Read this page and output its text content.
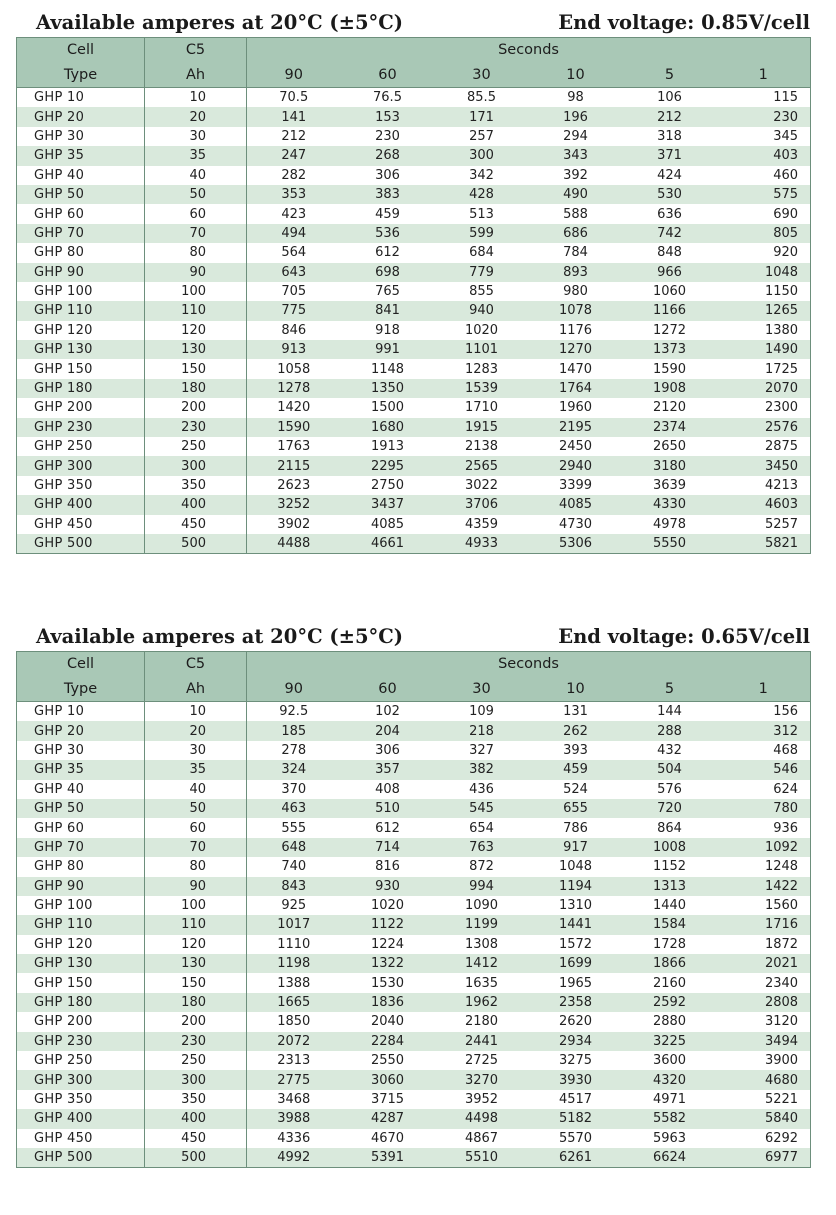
Available amperes at 20°C (±5°C)	End voltage: 0.85V/cell
Cell	C5	Seconds					
Type	Ah	90	60	30	10	5	1
GHP 10	10	70.5	76.5	85.5	98	106	115
GHP 20	20	141	153	171	196	212	230
GHP 30	30	212	230	257	294	318	345
GHP 35	35	247	268	300	343	371	403
GHP 40	40	282	306	342	392	424	460
GHP 50	50	353	383	428	490	530	575
GHP 60	60	423	459	513	588	636	690
GHP 70	70	494	536	599	686	742	805
GHP 80	80	564	612	684	784	848	920
GHP 90	90	643	698	779	893	966	1048
GHP 100	100	705	765	855	980	1060	1150
GHP 110	110	775	841	940	1078	1166	1265
GHP 120	120	846	918	1020	1176	1272	1380
GHP 130	130	913	991	1101	1270	1373	1490
GHP 150	150	1058	1148	1283	1470	1590	1725
GHP 180	180	1278	1350	1539	1764	1908	2070
GHP 200	200	1420	1500	1710	1960	2120	2300
GHP 230	230	1590	1680	1915	2195	2374	2576
GHP 250	250	1763	1913	2138	2450	2650	2875
GHP 300	300	2115	2295	2565	2940	3180	3450
GHP 350	350	2623	2750	3022	3399	3639	4213
GHP 400	400	3252	3437	3706	4085	4330	4603
GHP 450	450	3902	4085	4359	4730	4978	5257
GHP 500	500	4488	4661	4933	5306	5550	5821
Available amperes at 20°C (±5°C)	End voltage: 0.65V/cell
Cell	C5	Seconds					
Type	Ah	90	60	30	10	5	1
GHP 10	10	92.5	102	109	131	144	156
GHP 20	20	185	204	218	262	288	312
GHP 30	30	278	306	327	393	432	468
GHP 35	35	324	357	382	459	504	546
GHP 40	40	370	408	436	524	576	624
GHP 50	50	463	510	545	655	720	780
GHP 60	60	555	612	654	786	864	936
GHP 70	70	648	714	763	917	1008	1092
GHP 80	80	740	816	872	1048	1152	1248
GHP 90	90	843	930	994	1194	1313	1422
GHP 100	100	925	1020	1090	1310	1440	1560
GHP 110	110	1017	1122	1199	1441	1584	1716
GHP 120	120	1110	1224	1308	1572	1728	1872
GHP 130	130	1198	1322	1412	1699	1866	2021
GHP 150	150	1388	1530	1635	1965	2160	2340
GHP 180	180	1665	1836	1962	2358	2592	2808
GHP 200	200	1850	2040	2180	2620	2880	3120
GHP 230	230	2072	2284	2441	2934	3225	3494
GHP 250	250	2313	2550	2725	3275	3600	3900
GHP 300	300	2775	3060	3270	3930	4320	4680
GHP 350	350	3468	3715	3952	4517	4971	5221
GHP 400	400	3988	4287	4498	5182	5582	5840
GHP 450	450	4336	4670	4867	5570	5963	6292
GHP 500	500	4992	5391	5510	6261	6624	6977
